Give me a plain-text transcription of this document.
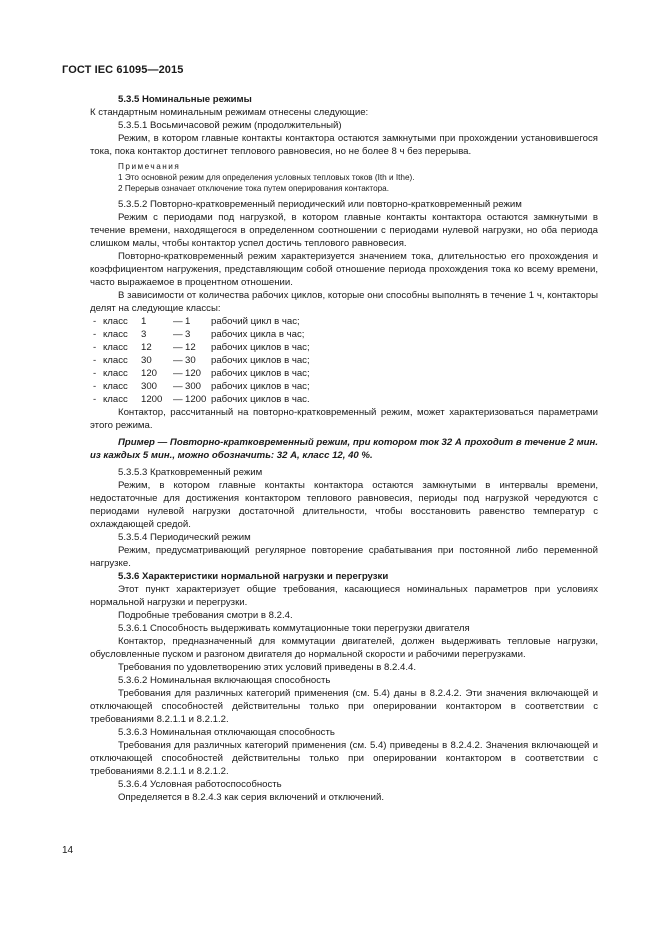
ГОСТ IEC 61095—2015

5.3.5 Номинальные режимы

К стандартным номинальным режимам отнесены следующие:

5.3.5.1 Восьмичасовой режим (продолжительный)

Режим, в котором главные контакты контактора остаются замкнутыми при прохождении установившегося тока, пока контактор достигнет теплового равновесия, но не более 8 ч без перерыва.

Примечания

1 Это основной режим для определения условных тепловых токов (Ith и Ithe).

2 Перерыв означает отключение тока путем оперирования контактора.

5.3.5.2 Повторно-кратковременный периодический или повторно-кратковременный режим

Режим с периодами под нагрузкой, в котором главные контакты контактора остаются замкнутыми в течение времени, находящегося в определенном соотношении с периодами нулевой нагрузки, но оба периода слишком малы, чтобы контактор успел достичь теплового равновесия.

Повторно-кратковременный режим характеризуется значением тока, длительностью его прохождения и коэффициентом нагружения, представляющим собой отношение периода прохождения тока ко всему времени, часто выражаемое в процентном отношении.

В зависимости от количества рабочих циклов, которые они способны выполнять в течение 1 ч, контакторы делят на следующие классы:

- класс	1	— 1	рабочий цикл в час;
- класс	3	— 3	рабочих цикла в час;
- класс	12	— 12	рабочих циклов в час;
- класс	30	— 30	рабочих циклов в час;
- класс	120	— 120	рабочих циклов в час;
- класс	300	— 300	рабочих циклов в час;
- класс	1200	— 1200 рабочих циклов в час.

Контактор, рассчитанный на повторно-кратковременный режим, может характеризоваться параметрами этого режима.

Пример — Повторно-кратковременный режим, при котором ток 32 А проходит в течение 2 мин. из каждых 5 мин., можно обозначить: 32 А, класс 12, 40 %.

5.3.5.3 Кратковременный режим

Режим, в котором главные контакты контактора остаются замкнутыми в интервалы времени, недостаточные для достижения контактором теплового равновесия, периоды под нагрузкой чередуются с периодами нулевой нагрузки достаточной длительности, чтобы восстановить равенство температур с охлаждающей средой.

5.3.5.4 Периодический режим

Режим, предусматривающий регулярное повторение срабатывания при постоянной либо переменной нагрузке.

5.3.6 Характеристики нормальной нагрузки и перегрузки

Этот пункт характеризует общие требования, касающиеся номинальных параметров при условиях нормальной нагрузки и перегрузки.

Подробные требования смотри в 8.2.4.

5.3.6.1 Способность выдерживать коммутационные токи перегрузки двигателя

Контактор, предназначенный для коммутации двигателей, должен выдерживать тепловые нагрузки, обусловленные пуском и разгоном двигателя до нормальной скорости и рабочими перегрузками.

Требования по удовлетворению этих условий приведены в 8.2.4.4.

5.3.6.2 Номинальная включающая способность

Требования для различных категорий применения (см. 5.4) даны в 8.2.4.2. Эти значения включающей и отключающей способностей действительны только при оперировании контактором в соответствии с требованиями 8.2.1.1 и 8.2.1.2.

5.3.6.3 Номинальная отключающая способность

Требования для различных категорий применения (см. 5.4) приведены в 8.2.4.2. Значения включающей и отключающей способностей действительны только при оперировании контактором в соответствии с требованиями 8.2.1.1 и 8.2.1.2.

5.3.6.4 Условная работоспособность

Определяется в 8.2.4.3 как серия включений и отключений.

14
